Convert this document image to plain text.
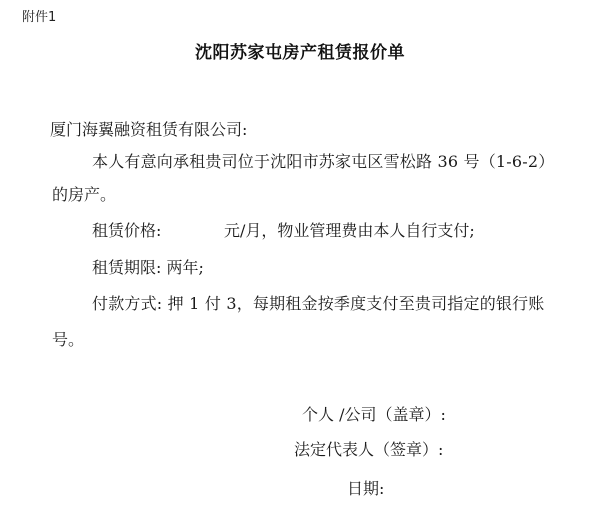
附件1
沈阳苏家屯房产租赁报价单
厦门海翼融资租赁有限公司:
本人有意向承租贵司位于沈阳市苏家屯区雪松路 36 号（1-6-2）
的房产。
租赁价格:	元/月，物业管理费由本人自行支付;
租赁期限: 两年;
付款方式: 押 1 付 3，每期租金按季度支付至贵司指定的银行账
号。
个人 /公司（盖章）:
法定代表人（签章）:
日期:
